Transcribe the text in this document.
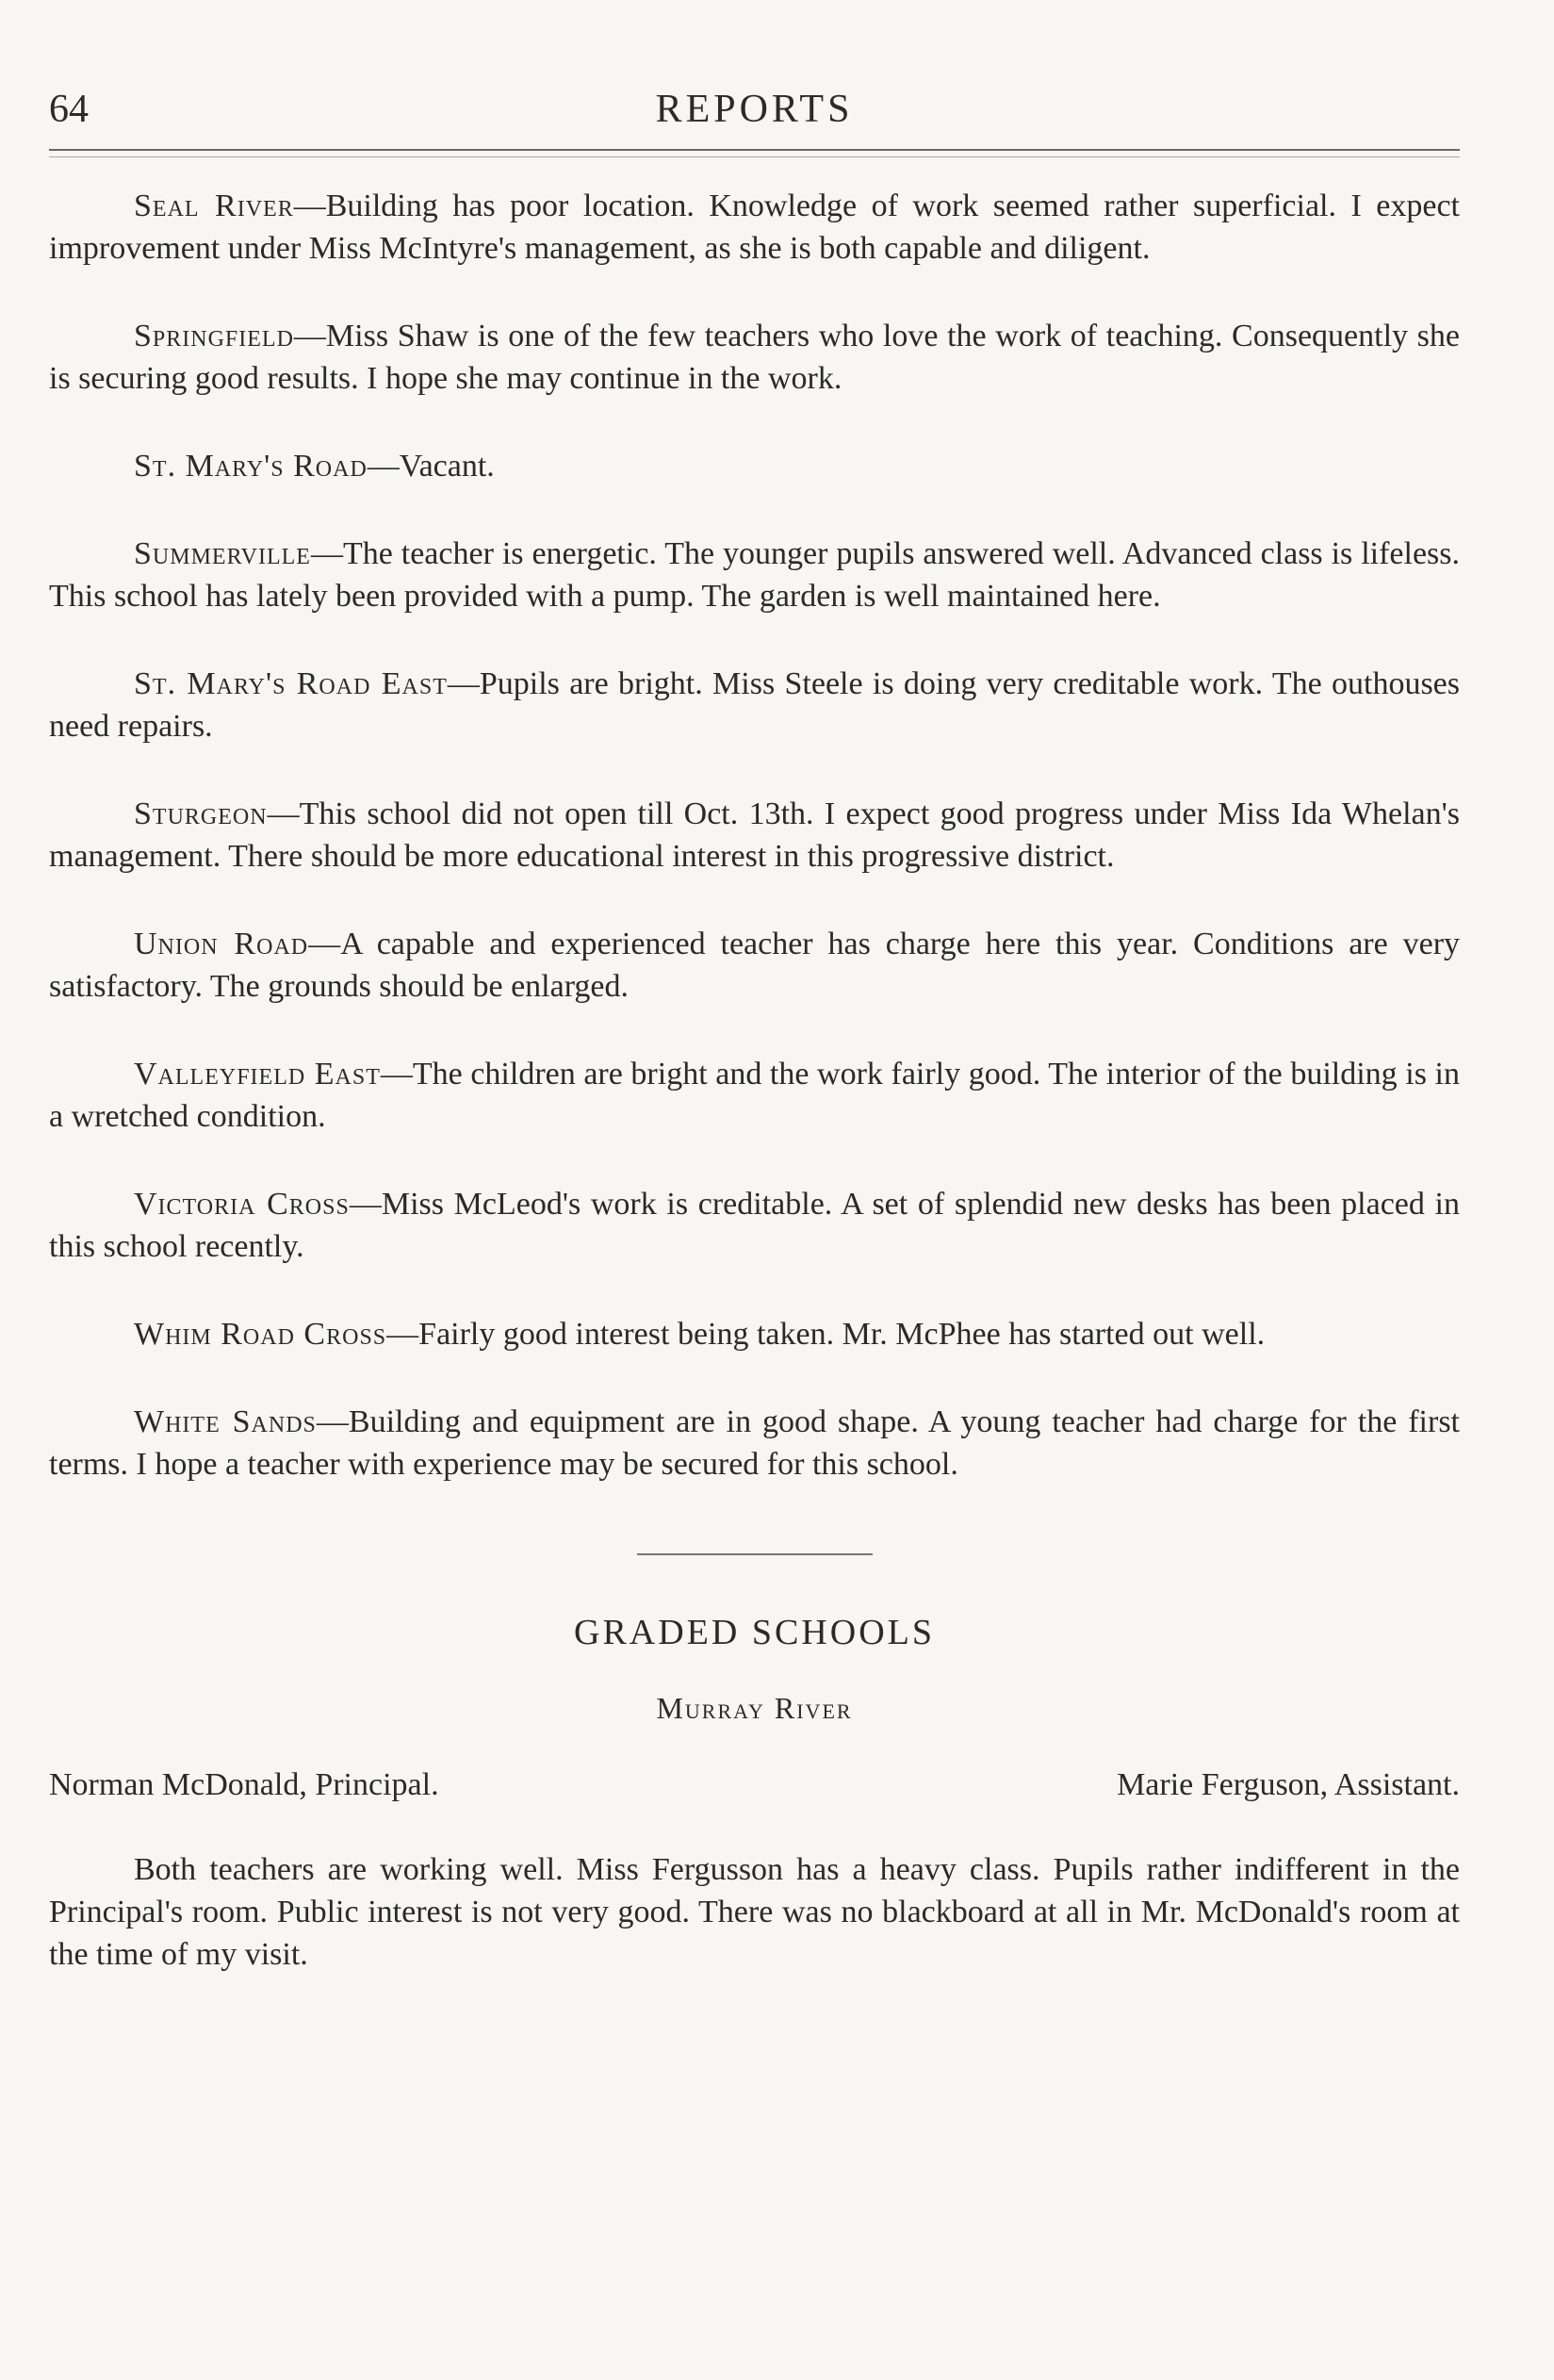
64	REPORTS

Seal River—Building has poor location. Knowledge of work seemed rather superficial. I expect improvement under Miss McIntyre's management, as she is both capable and diligent.

Springfield—Miss Shaw is one of the few teachers who love the work of teaching. Consequently she is securing good results. I hope she may continue in the work.

St. Mary's Road—Vacant.

Summerville—The teacher is energetic. The younger pupils answered well. Advanced class is lifeless. This school has lately been provided with a pump. The garden is well maintained here.

St. Mary's Road East—Pupils are bright. Miss Steele is doing very creditable work. The outhouses need repairs.

Sturgeon—This school did not open till Oct. 13th. I expect good progress under Miss Ida Whelan's management. There should be more educational interest in this progressive district.

Union Road—A capable and experienced teacher has charge here this year. Conditions are very satisfactory. The grounds should be enlarged.

Valleyfield East—The children are bright and the work fairly good. The interior of the building is in a wretched condition.

Victoria Cross—Miss McLeod's work is creditable. A set of splendid new desks has been placed in this school recently.

Whim Road Cross—Fairly good interest being taken. Mr. McPhee has started out well.

White Sands—Building and equipment are in good shape. A young teacher had charge for the first terms. I hope a teacher with experience may be secured for this school.

GRADED SCHOOLS
Murray River
Norman McDonald, Principal.	Marie Ferguson, Assistant.

Both teachers are working well. Miss Fergusson has a heavy class. Pupils rather indifferent in the Principal's room. Public interest is not very good. There was no blackboard at all in Mr. McDonald's room at the time of my visit.
